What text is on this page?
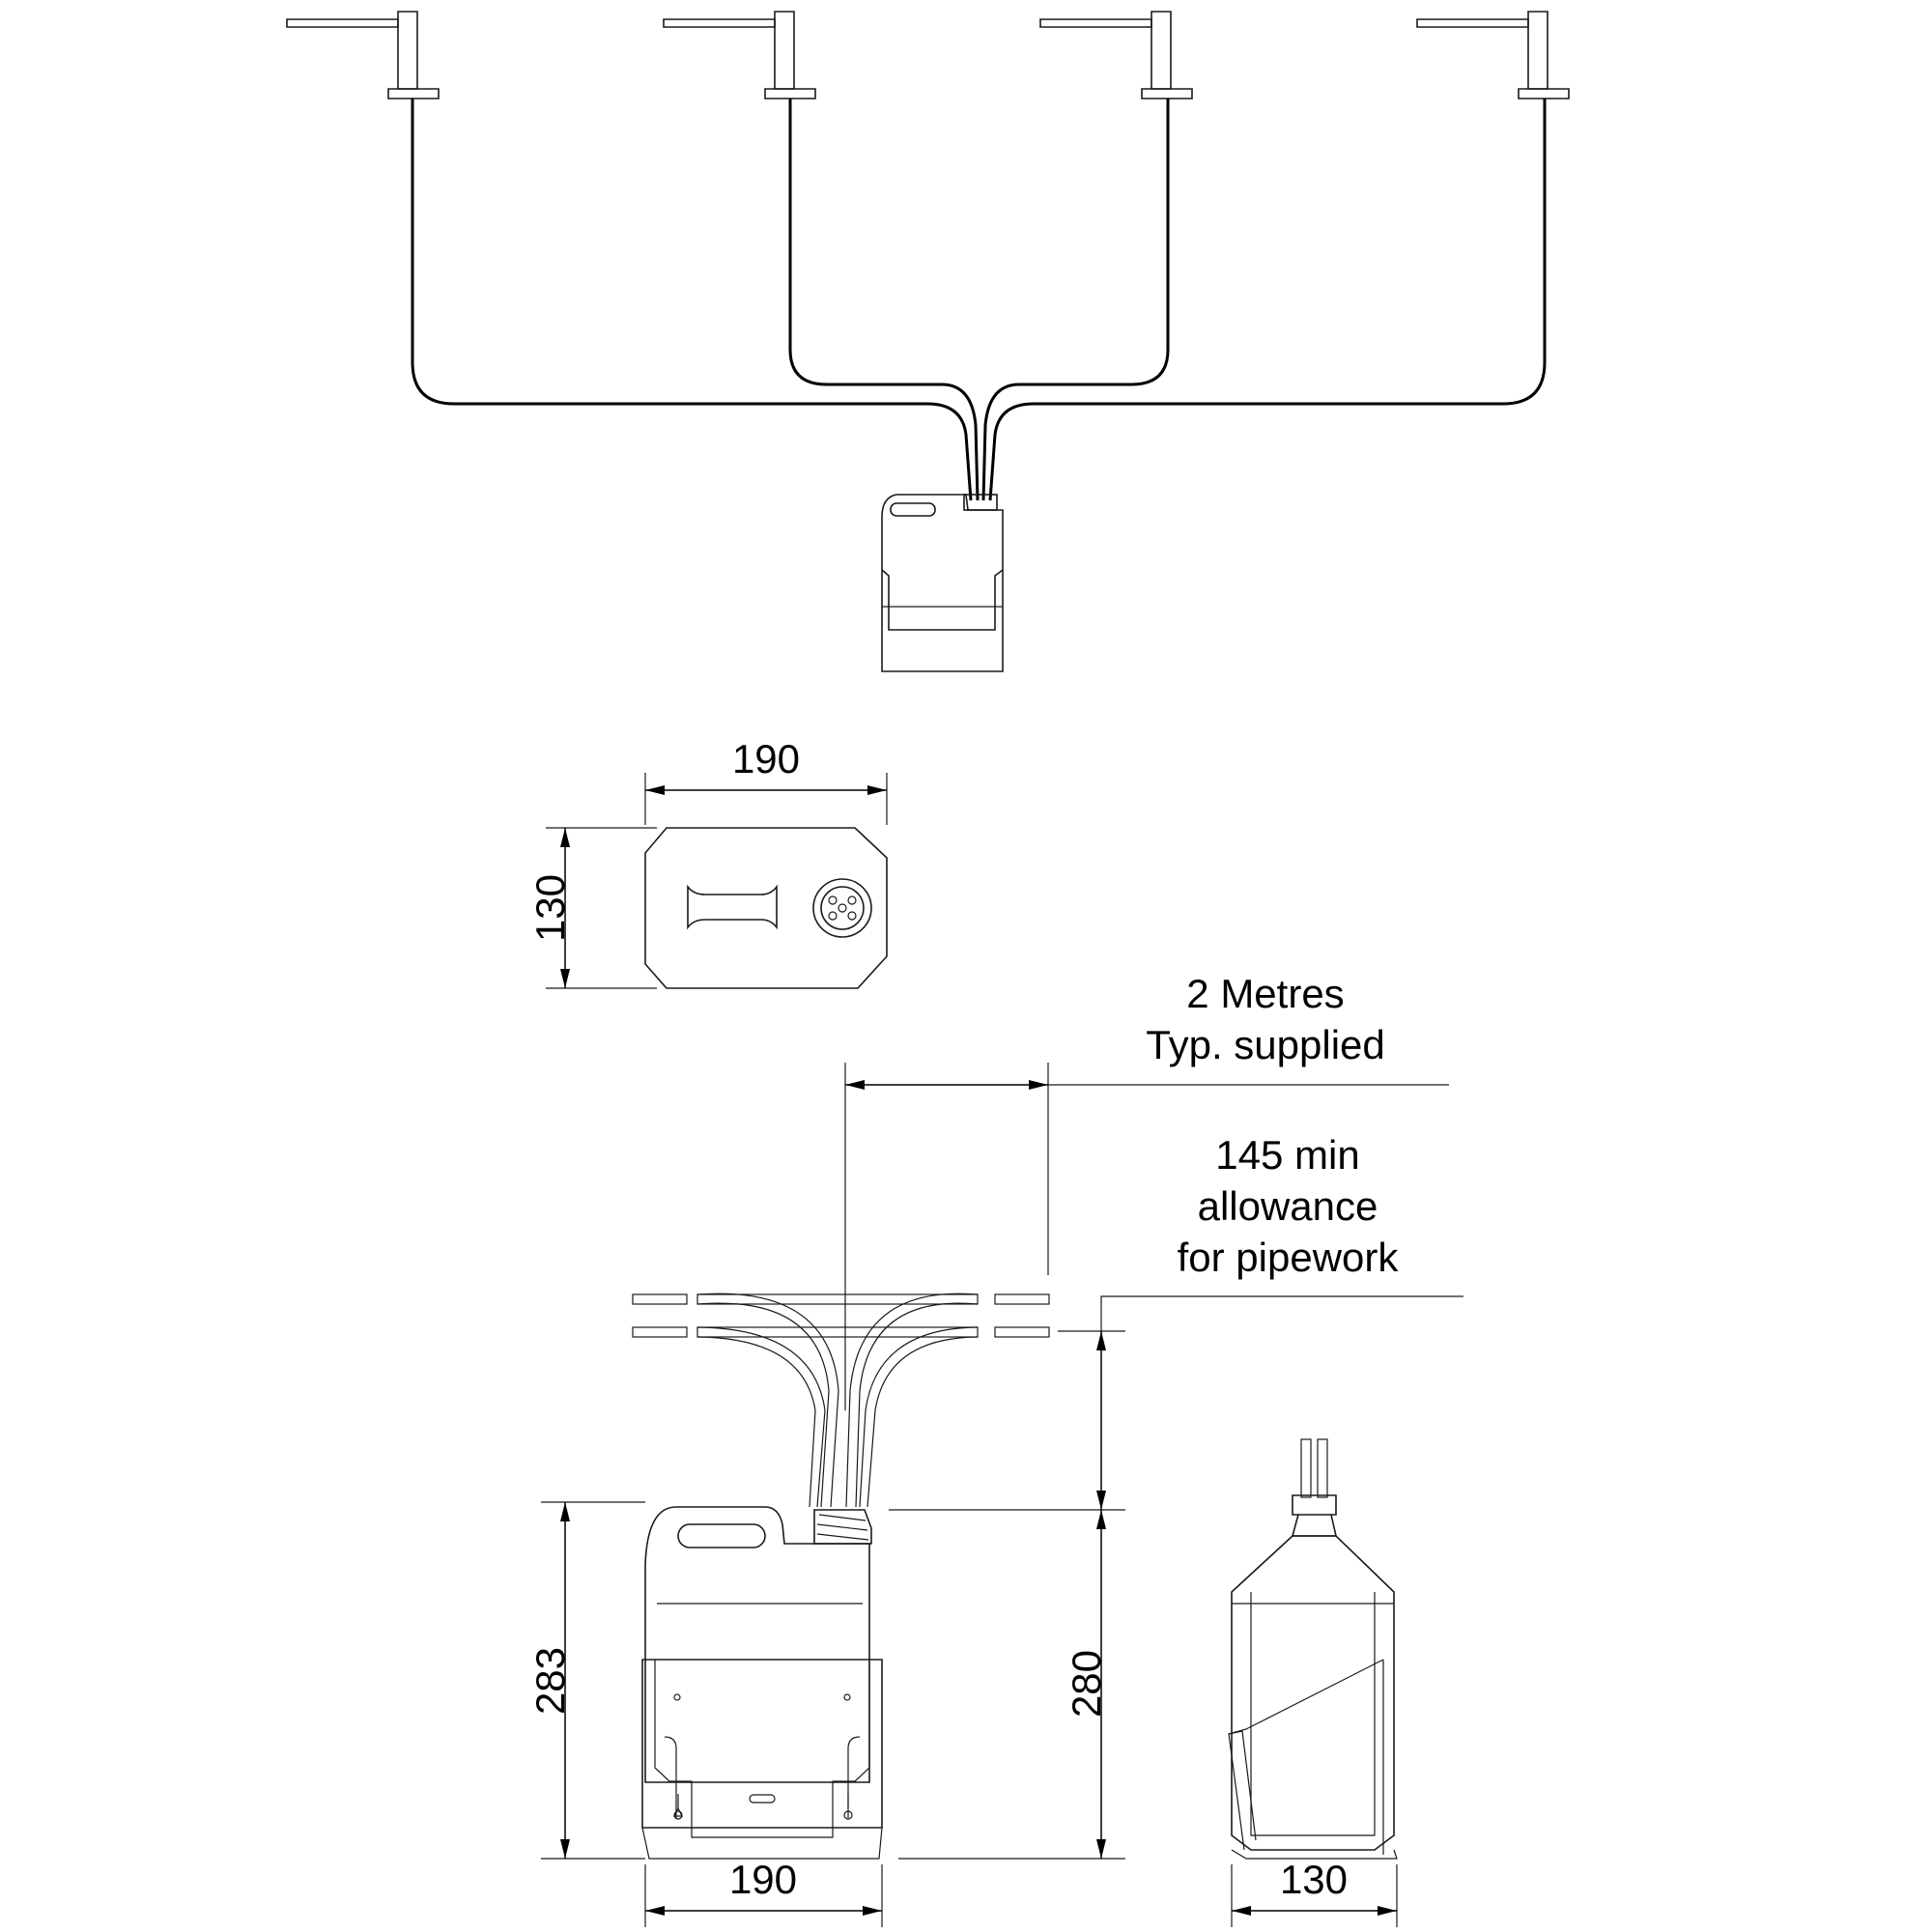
190
130
2 Metres
Typ. supplied
145 min
allowance
for pipework
283	280
190	130
